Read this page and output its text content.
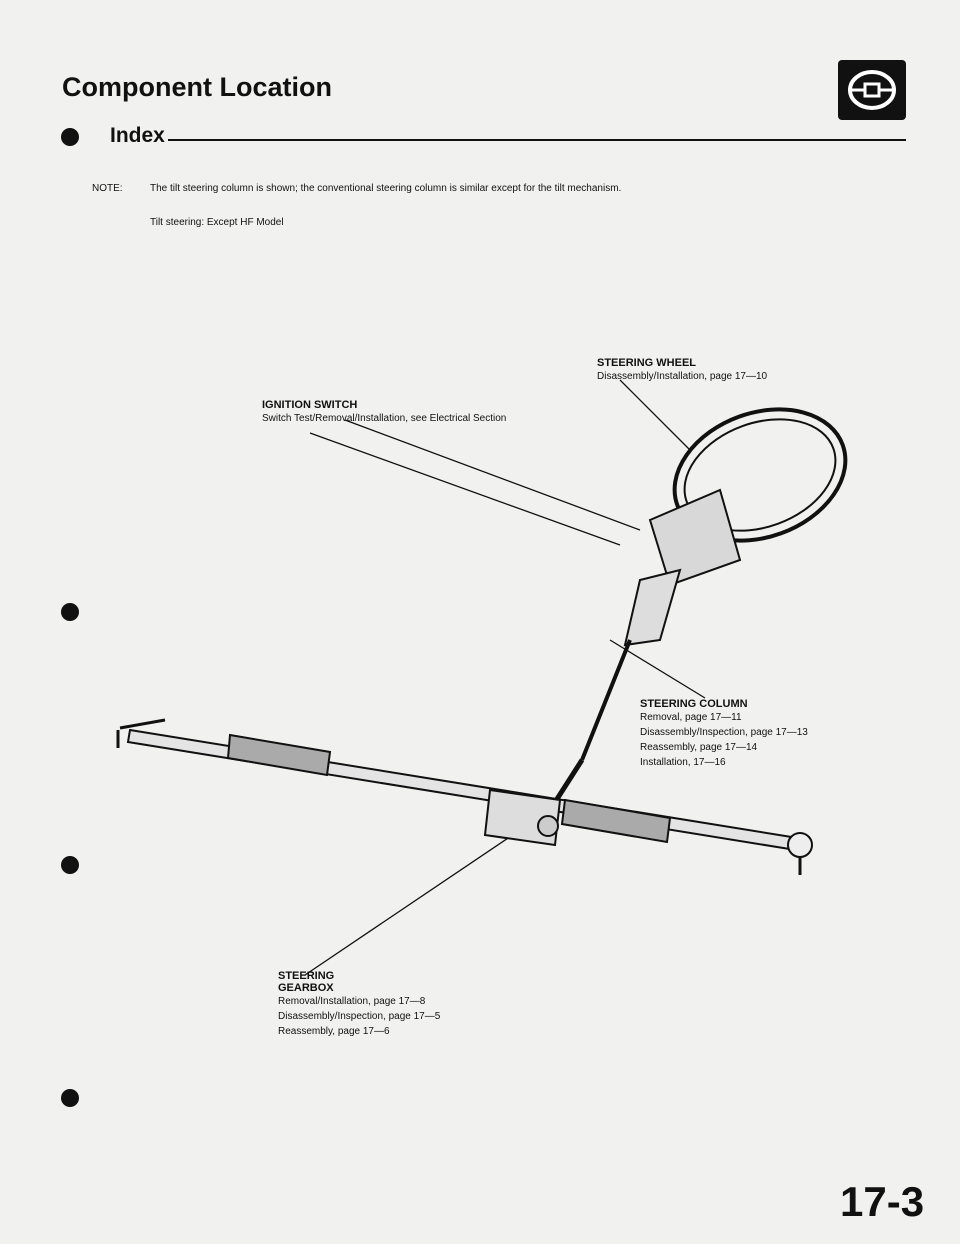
Component Location
Index
NOTE:	The tilt steering column is shown; the conventional steering column is similar except for the tilt mechanism.
Tilt steering: Except HF Model
STEERING WHEEL
Disassembly/Installation, page 17—10
IGNITION SWITCH
Switch Test/Removal/Installation, see Electrical Section
STEERING COLUMN
Removal, page 17—11
Disassembly/Inspection, page 17—13
Reassembly, page 17—14
Installation, 17—16
STEERING
GEARBOX
Removal/Installation, page 17—8
Disassembly/Inspection, page 17—5
Reassembly, page 17—6
17-3
